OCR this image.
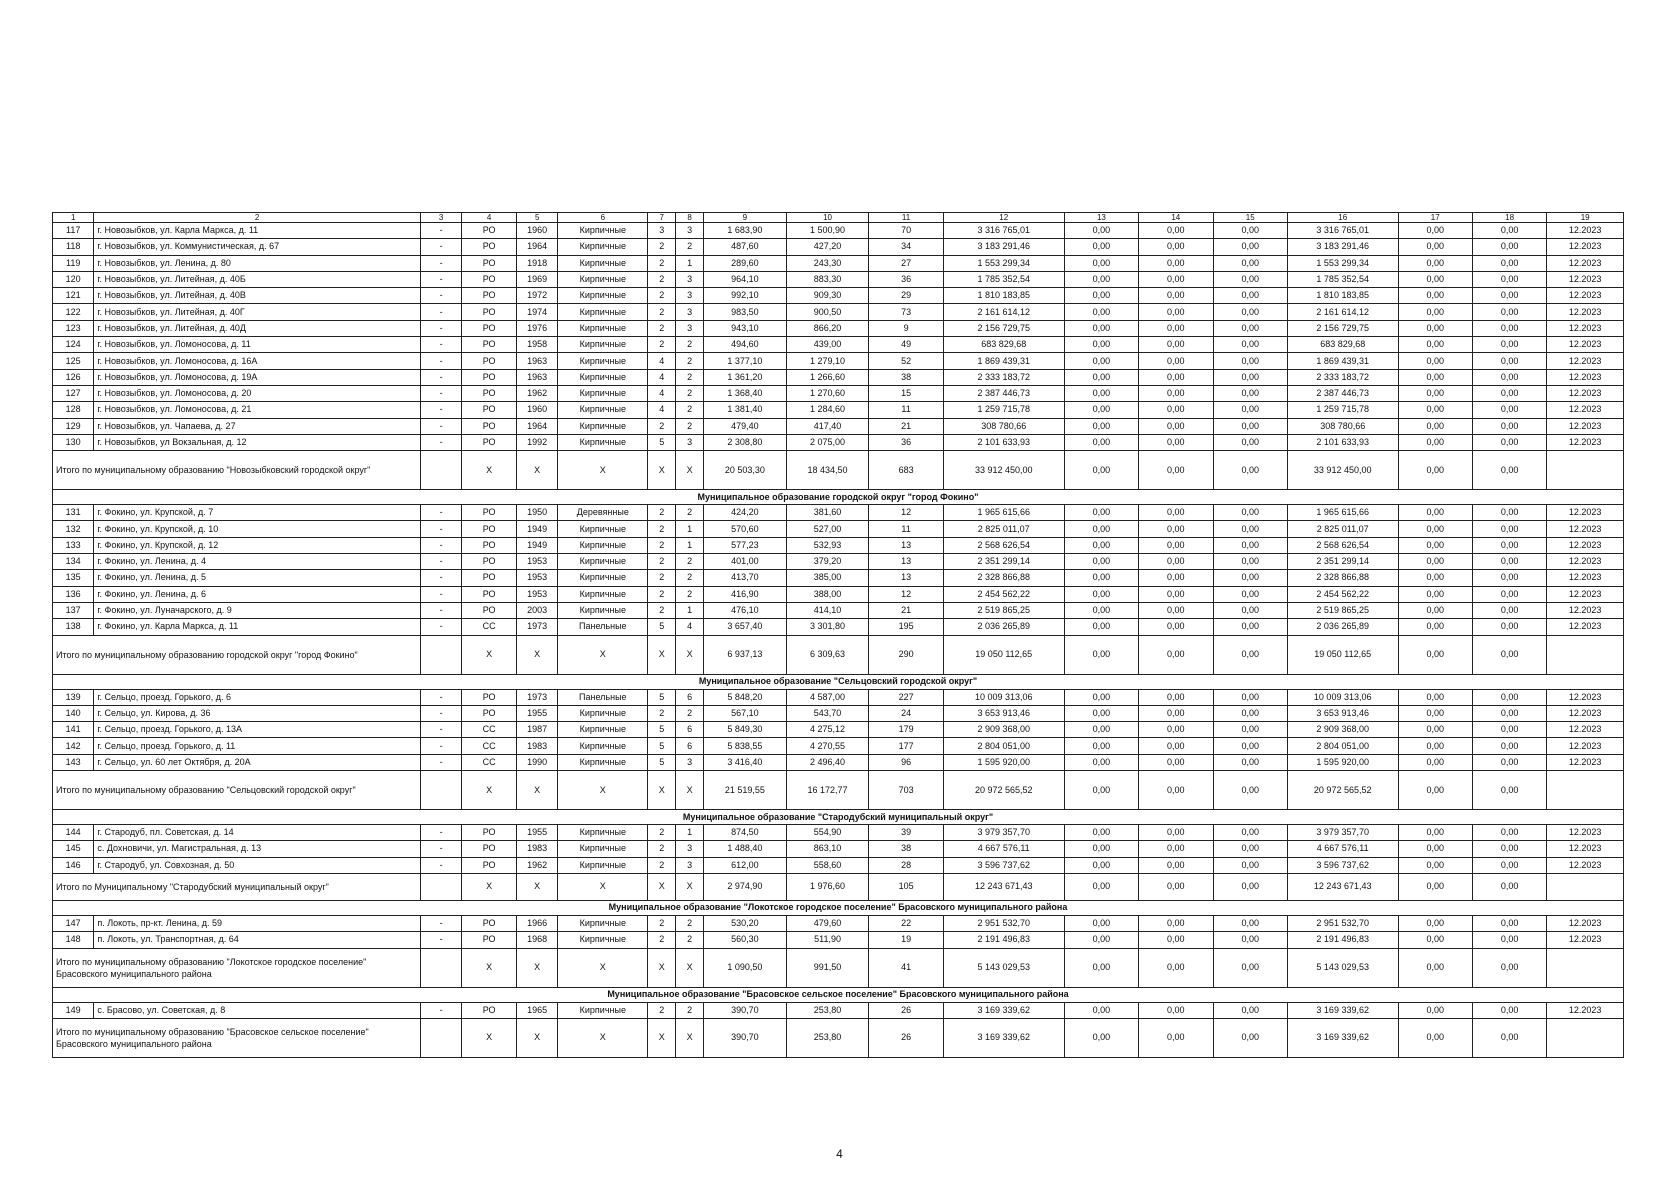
1	2	3	4	5	6	7	8	9	10	11	12	13	14	15	16	17	18	19
117	г. Новозыбков, ул. Карла Маркса, д. 11	-	РО	1960	Кирпичные	3	3	1 683,90	1 500,90	70	3 316 765,01	0,00	0,00	0,00	3 316 765,01	0,00	0,00	12.2023
118	г. Новозыбков, ул. Коммунистическая, д. 67	-	РО	1964	Кирпичные	2	2	487,60	427,20	34	3 183 291,46	0,00	0,00	0,00	3 183 291,46	0,00	0,00	12.2023
119	г. Новозыбков, ул. Ленина, д. 80	-	РО	1918	Кирпичные	2	1	289,60	243,30	27	1 553 299,34	0,00	0,00	0,00	1 553 299,34	0,00	0,00	12.2023
120	г. Новозыбков, ул. Литейная, д. 40Б	-	РО	1969	Кирпичные	2	3	964,10	883,30	36	1 785 352,54	0,00	0,00	0,00	1 785 352,54	0,00	0,00	12.2023
121	г. Новозыбков, ул. Литейная, д. 40В	-	РО	1972	Кирпичные	2	3	992,10	909,30	29	1 810 183,85	0,00	0,00	0,00	1 810 183,85	0,00	0,00	12.2023
122	г. Новозыбков, ул. Литейная, д. 40Г	-	РО	1974	Кирпичные	2	3	983,50	900,50	73	2 161 614,12	0,00	0,00	0,00	2 161 614,12	0,00	0,00	12.2023
123	г. Новозыбков, ул. Литейная, д. 40Д	-	РО	1976	Кирпичные	2	3	943,10	866,20	9	2 156 729,75	0,00	0,00	0,00	2 156 729,75	0,00	0,00	12.2023
124	г. Новозыбков, ул. Ломоносова, д. 11	-	РО	1958	Кирпичные	2	2	494,60	439,00	49	683 829,68	0,00	0,00	0,00	683 829,68	0,00	0,00	12.2023
125	г. Новозыбков, ул. Ломоносова, д. 16А	-	РО	1963	Кирпичные	4	2	1 377,10	1 279,10	52	1 869 439,31	0,00	0,00	0,00	1 869 439,31	0,00	0,00	12.2023
126	г. Новозыбков, ул. Ломоносова, д. 19А	-	РО	1963	Кирпичные	4	2	1 361,20	1 266,60	38	2 333 183,72	0,00	0,00	0,00	2 333 183,72	0,00	0,00	12.2023
127	г. Новозыбков, ул. Ломоносова, д. 20	-	РО	1962	Кирпичные	4	2	1 368,40	1 270,60	15	2 387 446,73	0,00	0,00	0,00	2 387 446,73	0,00	0,00	12.2023
128	г. Новозыбков, ул. Ломоносова, д. 21	-	РО	1960	Кирпичные	4	2	1 381,40	1 284,60	11	1 259 715,78	0,00	0,00	0,00	1 259 715,78	0,00	0,00	12.2023
129	г. Новозыбков, ул. Чапаева, д. 27	-	РО	1964	Кирпичные	2	2	479,40	417,40	21	308 780,66	0,00	0,00	0,00	308 780,66	0,00	0,00	12.2023
130	г. Новозыбков, ул Вокзальная, д. 12	-	РО	1992	Кирпичные	5	3	2 308,80	2 075,00	36	2 101 633,93	0,00	0,00	0,00	2 101 633,93	0,00	0,00	12.2023
Итого по муниципальному образованию "Новозыбковский городской округ"			Х	Х	Х	Х	Х	20 503,30	18 434,50	683	33 912 450,00	0,00	0,00	0,00	33 912 450,00	0,00	0,00	
Муниципальное образование городской округ "город Фокино"																		
131	г. Фокино, ул. Крупской, д. 7	-	РО	1950	Деревянные	2	2	424,20	381,60	12	1 965 615,66	0,00	0,00	0,00	1 965 615,66	0,00	0,00	12.2023
132	г. Фокино, ул. Крупской, д. 10	-	РО	1949	Кирпичные	2	1	570,60	527,00	11	2 825 011,07	0,00	0,00	0,00	2 825 011,07	0,00	0,00	12.2023
133	г. Фокино, ул. Крупской, д. 12	-	РО	1949	Кирпичные	2	1	577,23	532,93	13	2 568 626,54	0,00	0,00	0,00	2 568 626,54	0,00	0,00	12.2023
134	г. Фокино, ул. Ленина, д. 4	-	РО	1953	Кирпичные	2	2	401,00	379,20	13	2 351 299,14	0,00	0,00	0,00	2 351 299,14	0,00	0,00	12.2023
135	г. Фокино, ул. Ленина, д. 5	-	РО	1953	Кирпичные	2	2	413,70	385,00	13	2 328 866,88	0,00	0,00	0,00	2 328 866,88	0,00	0,00	12.2023
136	г. Фокино, ул. Ленина, д. 6	-	РО	1953	Кирпичные	2	2	416,90	388,00	12	2 454 562,22	0,00	0,00	0,00	2 454 562,22	0,00	0,00	12.2023
137	г. Фокино, ул. Луначарского, д. 9	-	РО	2003	Кирпичные	2	1	476,10	414,10	21	2 519 865,25	0,00	0,00	0,00	2 519 865,25	0,00	0,00	12.2023
138	г. Фокино, ул. Карла Маркса, д. 11	-	СС	1973	Панельные	5	4	3 657,40	3 301,80	195	2 036 265,89	0,00	0,00	0,00	2 036 265,89	0,00	0,00	12.2023
Итого по муниципальному образованию городской округ "город Фокино"			Х	Х	Х	Х	Х	6 937,13	6 309,63	290	19 050 112,65	0,00	0,00	0,00	19 050 112,65	0,00	0,00	
Муниципальное образование "Сельцовский городской округ"																		
139	г. Сельцо, проезд. Горького, д. 6	-	РО	1973	Панельные	5	6	5 848,20	4 587,00	227	10 009 313,06	0,00	0,00	0,00	10 009 313,06	0,00	0,00	12.2023
140	г. Сельцо, ул. Кирова, д. 36	-	РО	1955	Кирпичные	2	2	567,10	543,70	24	3 653 913,46	0,00	0,00	0,00	3 653 913,46	0,00	0,00	12.2023
141	г. Сельцо, проезд. Горького, д. 13А	-	СС	1987	Кирпичные	5	6	5 849,30	4 275,12	179	2 909 368,00	0,00	0,00	0,00	2 909 368,00	0,00	0,00	12.2023
142	г. Сельцо, проезд. Горького, д. 11	-	СС	1983	Кирпичные	5	6	5 838,55	4 270,55	177	2 804 051,00	0,00	0,00	0,00	2 804 051,00	0,00	0,00	12.2023
143	г. Сельцо, ул. 60 лет Октября, д. 20А	-	СС	1990	Кирпичные	5	3	3 416,40	2 496,40	96	1 595 920,00	0,00	0,00	0,00	1 595 920,00	0,00	0,00	12.2023
Итого по муниципальному образованию "Сельцовский городской округ"			Х	Х	Х	Х	Х	21 519,55	16 172,77	703	20 972 565,52	0,00	0,00	0,00	20 972 565,52	0,00	0,00	
Муниципальное образование "Стародубский муниципальный округ"																		
144	г. Стародуб, пл. Советская, д. 14	-	РО	1955	Кирпичные	2	1	874,50	554,90	39	3 979 357,70	0,00	0,00	0,00	3 979 357,70	0,00	0,00	12.2023
145	с. Дохновичи, ул. Магистральная, д. 13	-	РО	1983	Кирпичные	2	3	1 488,40	863,10	38	4 667 576,11	0,00	0,00	0,00	4 667 576,11	0,00	0,00	12.2023
146	г. Стародуб, ул. Совхозная, д. 50	-	РО	1962	Кирпичные	2	3	612,00	558,60	28	3 596 737,62	0,00	0,00	0,00	3 596 737,62	0,00	0,00	12.2023
Итого по Муниципальному "Стародубский муниципальный округ"			Х	Х	Х	Х	Х	2 974,90	1 976,60	105	12 243 671,43	0,00	0,00	0,00	12 243 671,43	0,00	0,00	
Муниципальное образование "Локотское городское поселение" Брасовского муниципального района																		
147	п. Локоть, пр-кт. Ленина, д. 59	-	РО	1966	Кирпичные	2	2	530,20	479,60	22	2 951 532,70	0,00	0,00	0,00	2 951 532,70	0,00	0,00	12.2023
148	п. Локоть, ул. Транспортная, д. 64	-	РО	1968	Кирпичные	2	2	560,30	511,90	19	2 191 496,83	0,00	0,00	0,00	2 191 496,83	0,00	0,00	12.2023
Итого по муниципальному образованию "Локотское городское поселение" Брасовского муниципального района			Х	Х	Х	Х	Х	1 090,50	991,50	41	5 143 029,53	0,00	0,00	0,00	5 143 029,53	0,00	0,00	
Муниципальное образование "Брасовское сельское поселение" Брасовского муниципального района																		
149	с. Брасово, ул. Советская, д. 8	-	РО	1965	Кирпичные	2	2	390,70	253,80	26	3 169 339,62	0,00	0,00	0,00	3 169 339,62	0,00	0,00	12.2023
Итого по муниципальному образованию "Брасовское сельское поселение" Брасовского муниципального района			Х	Х	Х	Х	Х	390,70	253,80	26	3 169 339,62	0,00	0,00	0,00	3 169 339,62	0,00	0,00	
4
